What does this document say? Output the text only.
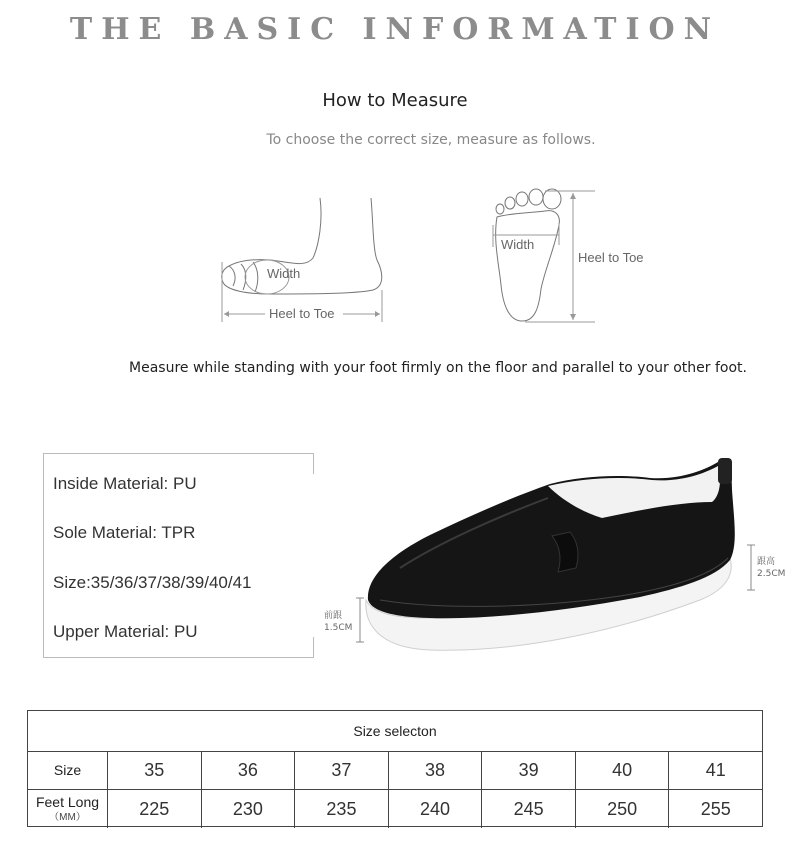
THE BASIC INFORMATION
How to Measure
To choose the correct size, measure as follows.
Width
Heel to Toe
Width
Heel to Toe
Measure while standing with your foot firmly on the floor and parallel to your other foot.
Inside Material: PU
Sole Material: TPR
Size:35/36/37/38/39/40/41
Upper Material: PU
前跟
1.5CM
跟高
2.5CM
Size selecton
Size	35	36	37	38	39	40	41
Feet Long
（MM）	225	230	235	240	245	250	255
